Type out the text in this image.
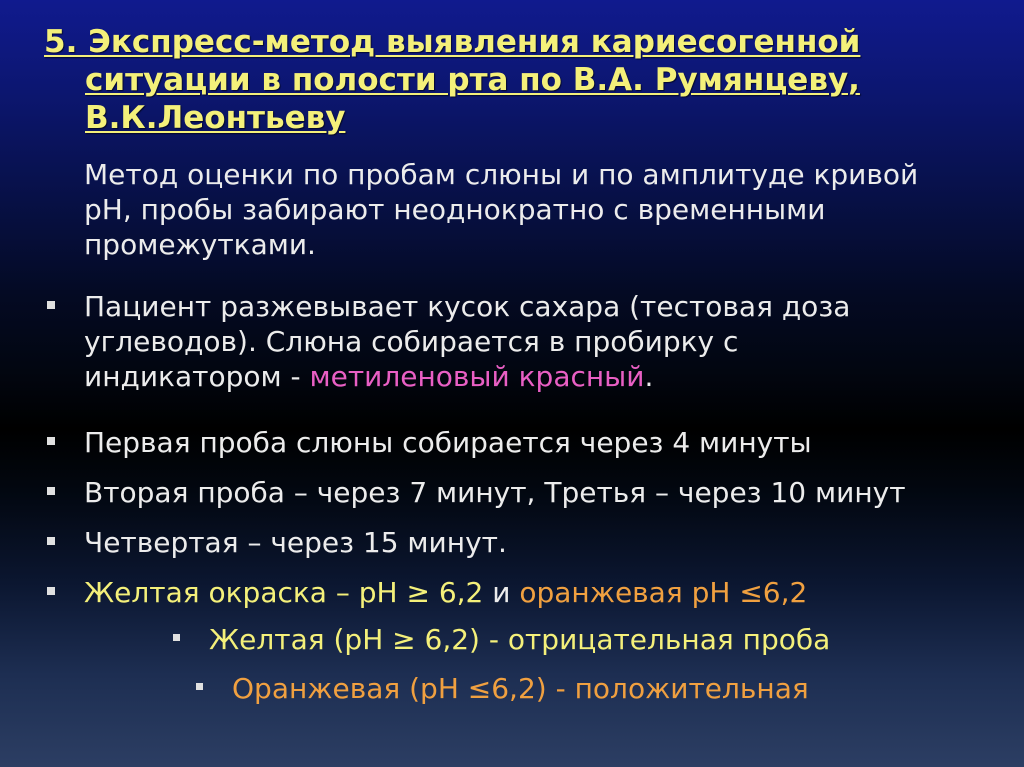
5. Экспресс-метод выявления кариесогенной
ситуации в полости рта по В.А. Румянцеву,
В.К.Леонтьеву
Метод оценки по пробам слюны и по амплитуде кривой
pH, пробы забирают неоднократно с временными
промежутками.
Пациент разжевывает кусок сахара (тестовая доза
углеводов). Слюна собирается в пробирку с
индикатором - метиленовый красный.
Первая проба слюны собирается через 4 минуты
Вторая проба – через 7 минут, Третья – через 10 минут
Четвертая – через 15 минут.
Желтая окраска – pH ≥ 6,2 и оранжевая pH ≤6,2
Желтая (pH ≥ 6,2) - отрицательная проба
Оранжевая (pH ≤6,2) - положительная
